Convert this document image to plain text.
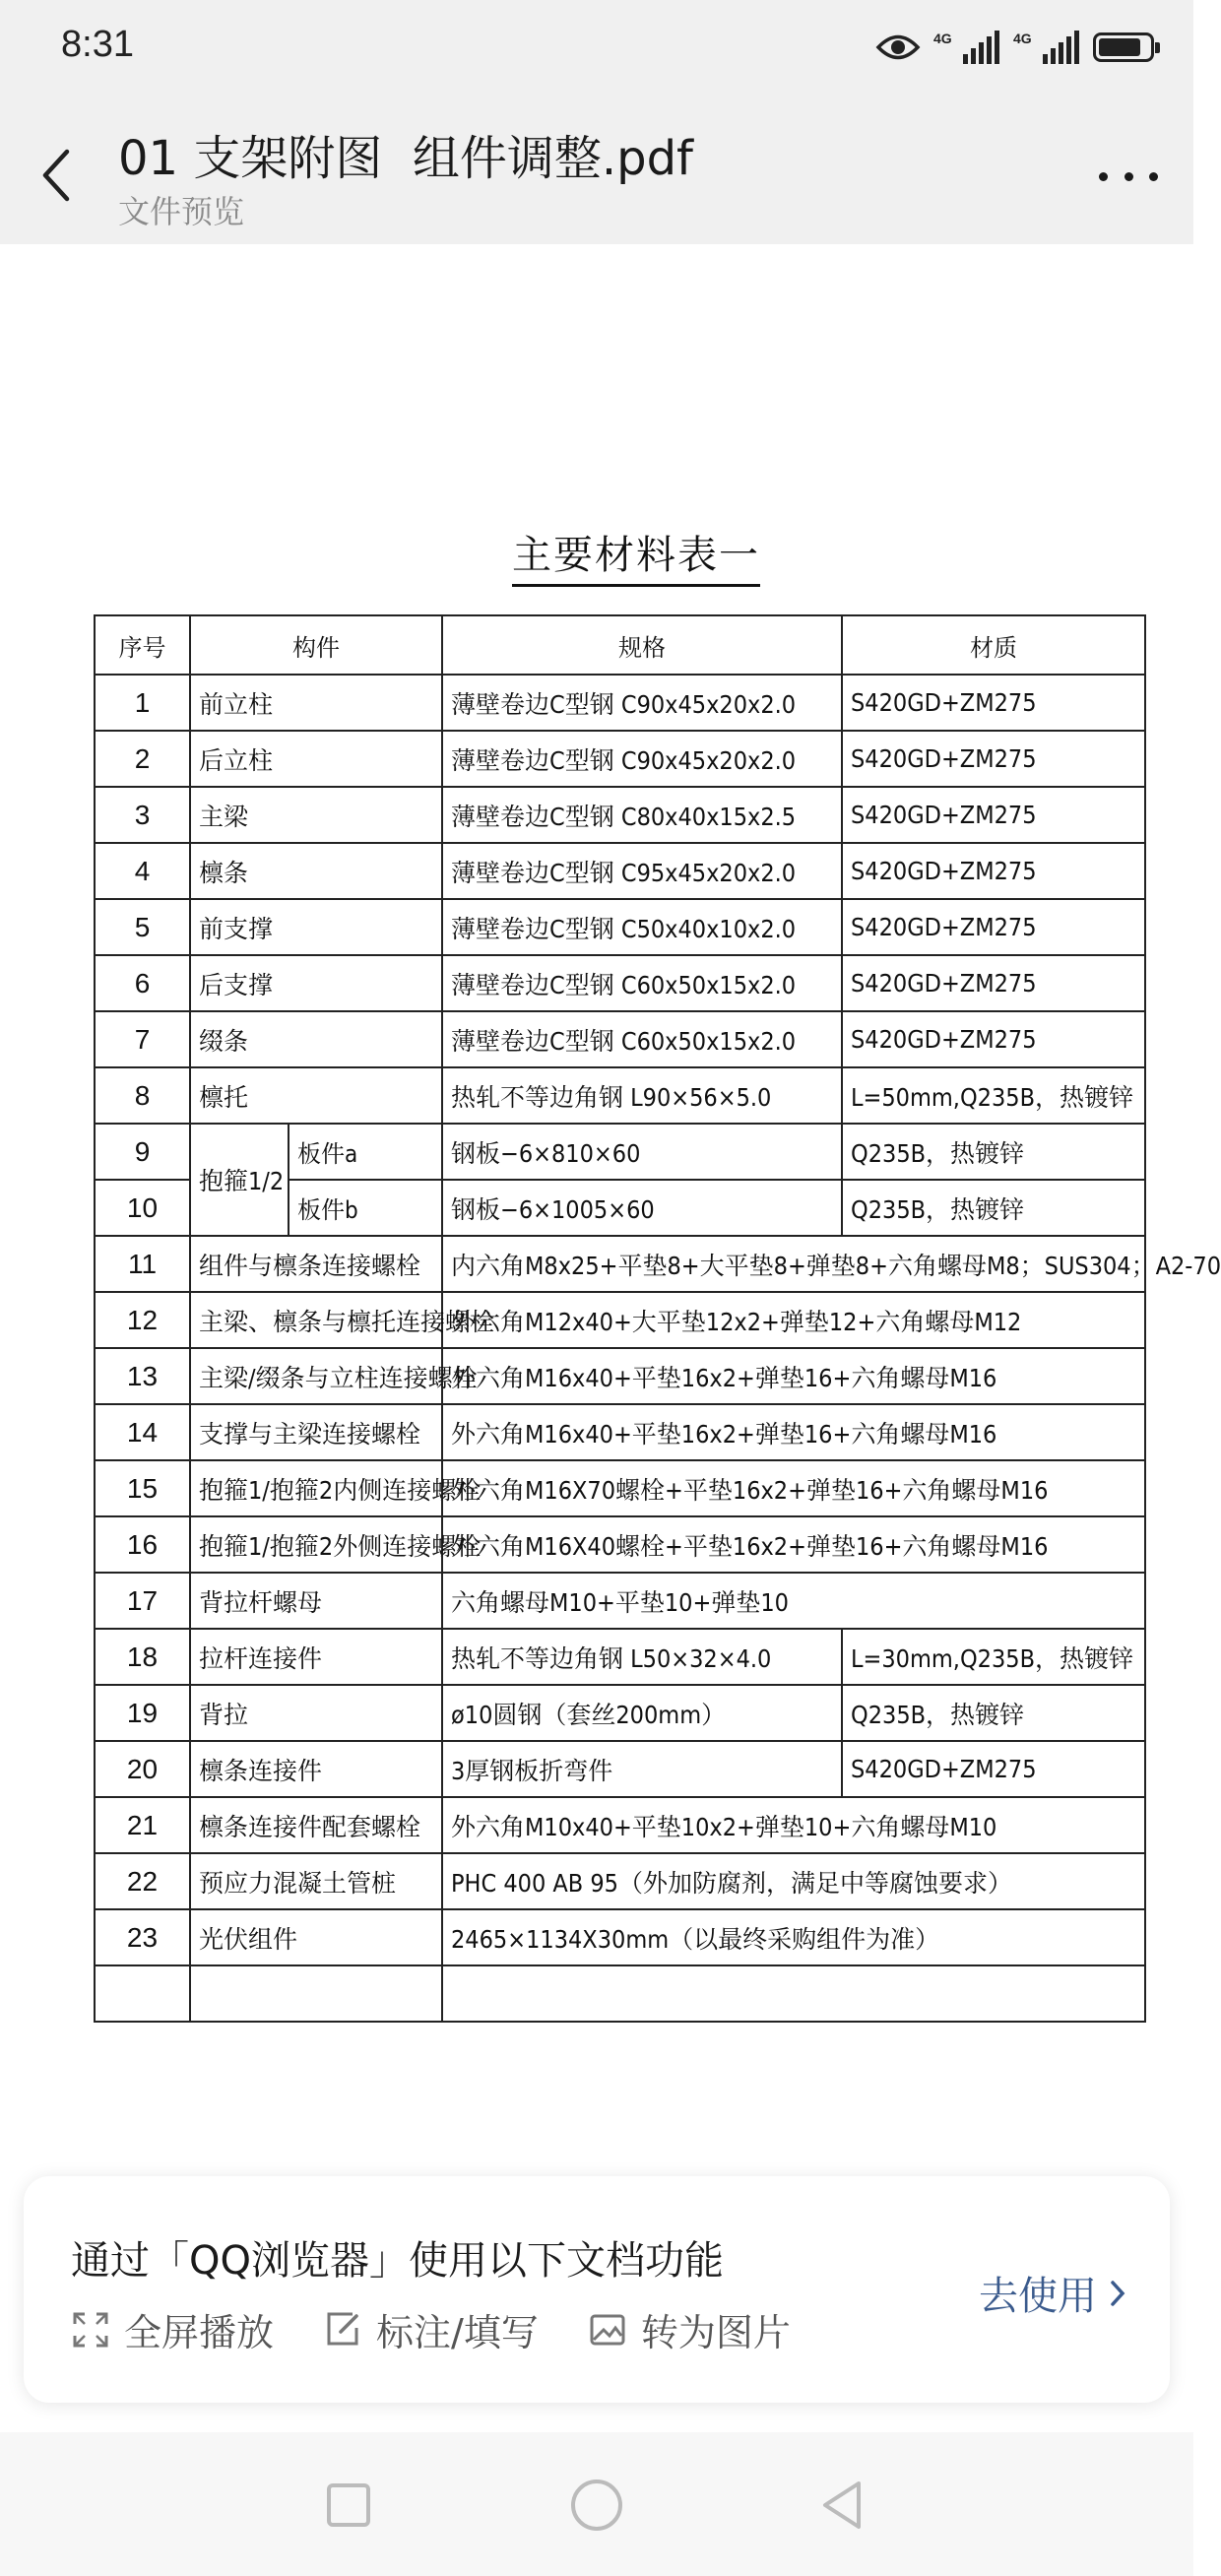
8:31	4G	4G
01 支架附图  组件调整.pdf
文件预览
主要材料表一
序号	构件		规格	材质
1	前立柱		薄壁卷边C型钢 C90x45x20x2.0	S420GD+ZM275
2	后立柱		薄壁卷边C型钢 C90x45x20x2.0	S420GD+ZM275
3	主梁		薄壁卷边C型钢 C80x40x15x2.5	S420GD+ZM275
4	檩条		薄壁卷边C型钢 C95x45x20x2.0	S420GD+ZM275
5	前支撑		薄壁卷边C型钢 C50x40x10x2.0	S420GD+ZM275
6	后支撑		薄壁卷边C型钢 C60x50x15x2.0	S420GD+ZM275
7	缀条		薄壁卷边C型钢 C60x50x15x2.0	S420GD+ZM275
8	檩托		热轧不等边角钢 L90×56×5.0	L=50mm,Q235B，热镀锌
9	抱箍1/2	板件a	钢板−6×810×60	Q235B，热镀锌
10		板件b	钢板−6×1005×60	Q235B，热镀锌
11	组件与檩条连接螺栓		内六角M8x25+平垫8+大平垫8+弹垫8+六角螺母M8；SUS304；A2-70	
12	主梁、檩条与檩托连接螺栓		外六角M12x40+大平垫12x2+弹垫12+六角螺母M12	
13	主梁/缀条与立柱连接螺栓		外六角M16x40+平垫16x2+弹垫16+六角螺母M16	
14	支撑与主梁连接螺栓		外六角M16x40+平垫16x2+弹垫16+六角螺母M16	
15	抱箍1/抱箍2内侧连接螺栓		外六角M16X70螺栓+平垫16x2+弹垫16+六角螺母M16	
16	抱箍1/抱箍2外侧连接螺栓		外六角M16X40螺栓+平垫16x2+弹垫16+六角螺母M16	
17	背拉杆螺母		六角螺母M10+平垫10+弹垫10	
18	拉杆连接件		热轧不等边角钢 L50×32×4.0	L=30mm,Q235B，热镀锌
19	背拉		ø10圆钢（套丝200mm）	Q235B，热镀锌
20	檩条连接件		3厚钢板折弯件	S420GD+ZM275
21	檩条连接件配套螺栓		外六角M10x40+平垫10x2+弹垫10+六角螺母M10	
22	预应力混凝土管桩		PHC 400 AB 95（外加防腐剂，满足中等腐蚀要求）	
23	光伏组件		2465×1134X30mm（以最终采购组件为准）	

通过「QQ浏览器」使用以下文档功能
全屏播放	标注/填写	转为图片
去使用
